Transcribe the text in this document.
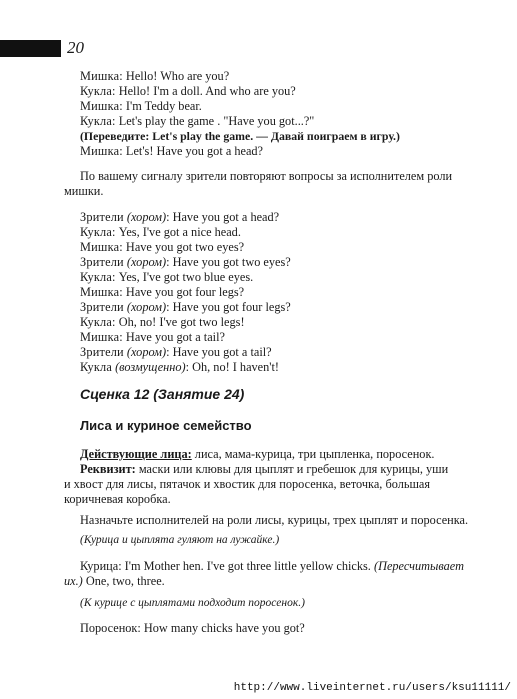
20
Мишка: Hello! Who are you?
Кукла: Hello! I'm a doll. And who are you?
Мишка: I'm Teddy bear.
Кукла: Let's play the game . "Have you got...?"
(Переведите: Let's play the game. — Давай поиграем в игру.)
Мишка: Let's! Have you got a head?
По вашему сигналу зрители повторяют вопросы за исполнителем роли
мишки.
Зрители (хором): Have you got a head?
Кукла: Yes, I've got a nice head.
Мишка: Have you got two eyes?
Зрители (хором): Have you got two eyes?
Кукла: Yes, I've got two blue eyes.
Мишка: Have you got four legs?
Зрители (хором): Have you got four legs?
Кукла: Oh, no! I've got two legs!
Мишка: Have you got a tail?
Зрители (хором): Have you got a tail?
Кукла (возмущенно): Oh, no! I haven't!
Сценка 12 (Занятие 24)
Лиса и куриное семейство
Действующие лица: лиса, мама-курица, три цыпленка, поросенок.
Реквизит: маски или клювы для цыплят и гребешок для курицы, уши
и хвост для лисы, пятачок и хвостик для поросенка, веточка, большая
коричневая коробка.
Назначьте исполнителей на роли лисы, курицы, трех цыплят и поросенка.
(Курица и цыплята гуляют на лужайке.)
Курица: I'm Mother hen. I've got three little yellow chicks. (Пересчитывает
их.) One, two, three.
(К курице с цыплятами подходит поросенок.)
Поросенок: How many chicks have you got?
http://www.liveinternet.ru/users/ksu11111/
